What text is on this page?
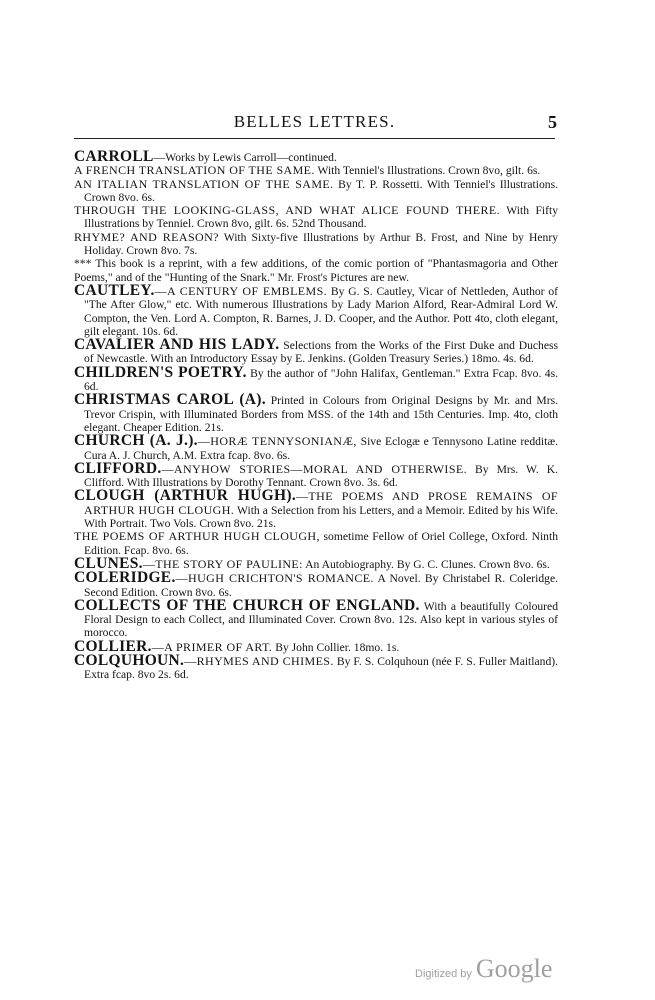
BELLES LETTRES.	5

CARROLL—Works by Lewis Carroll—continued.

A FRENCH TRANSLATION OF THE SAME. With Tenniel's Illustrations. Crown 8vo, gilt. 6s.

AN ITALIAN TRANSLATION OF THE SAME. By T. P. Rossetti. With Tenniel's Illustrations. Crown 8vo. 6s.

THROUGH THE LOOKING-GLASS, AND WHAT ALICE FOUND THERE. With Fifty Illustrations by Tenniel. Crown 8vo, gilt. 6s. 52nd Thousand.

RHYME? AND REASON? With Sixty-five Illustrations by Arthur B. Frost, and Nine by Henry Holiday. Crown 8vo. 7s.

*** This book is a reprint, with a few additions, of the comic portion of "Phantasmagoria and Other Poems," and of the "Hunting of the Snark." Mr. Frost's Pictures are new.

CAUTLEY.—A CENTURY OF EMBLEMS. By G. S. Cautley, Vicar of Nettleden, Author of "The After Glow," etc. With numerous Illustrations by Lady Marion Alford, Rear-Admiral Lord W. Compton, the Ven. Lord A. Compton, R. Barnes, J. D. Cooper, and the Author. Pott 4to, cloth elegant, gilt elegant. 10s. 6d.

CAVALIER AND HIS LADY. Selections from the Works of the First Duke and Duchess of Newcastle. With an Introductory Essay by E. Jenkins. (Golden Treasury Series.) 18mo. 4s. 6d.

CHILDREN'S POETRY. By the author of "John Halifax, Gentleman." Extra Fcap. 8vo. 4s. 6d.

CHRISTMAS CAROL (A). Printed in Colours from Original Designs by Mr. and Mrs. Trevor Crispin, with Illuminated Borders from MSS. of the 14th and 15th Centuries. Imp. 4to, cloth elegant. Cheaper Edition. 21s.

CHURCH (A. J.).—HORÆ TENNYSONIANÆ, Sive Eclogæ e Tennysono Latine redditæ. Cura A. J. Church, A.M. Extra fcap. 8vo. 6s.

CLIFFORD.—ANYHOW STORIES—MORAL AND OTHERWISE. By Mrs. W. K. Clifford. With Illustrations by Dorothy Tennant. Crown 8vo. 3s. 6d.

CLOUGH (ARTHUR HUGH).—THE POEMS AND PROSE REMAINS OF ARTHUR HUGH CLOUGH. With a Selection from his Letters, and a Memoir. Edited by his Wife. With Portrait. Two Vols. Crown 8vo. 21s.

THE POEMS OF ARTHUR HUGH CLOUGH, sometime Fellow of Oriel College, Oxford. Ninth Edition. Fcap. 8vo. 6s.

CLUNES.—THE STORY OF PAULINE: An Autobiography. By G. C. Clunes. Crown 8vo. 6s.

COLERIDGE.—HUGH CRICHTON'S ROMANCE. A Novel. By Christabel R. Coleridge. Second Edition. Crown 8vo. 6s.

COLLECTS OF THE CHURCH OF ENGLAND. With a beautifully Coloured Floral Design to each Collect, and Illuminated Cover. Crown 8vo. 12s. Also kept in various styles of morocco.

COLLIER.—A PRIMER OF ART. By John Collier. 18mo. 1s.

COLQUHOUN.—RHYMES AND CHIMES. By F. S. Colquhoun (née F. S. Fuller Maitland). Extra fcap. 8vo 2s. 6d.

Digitized by Google
